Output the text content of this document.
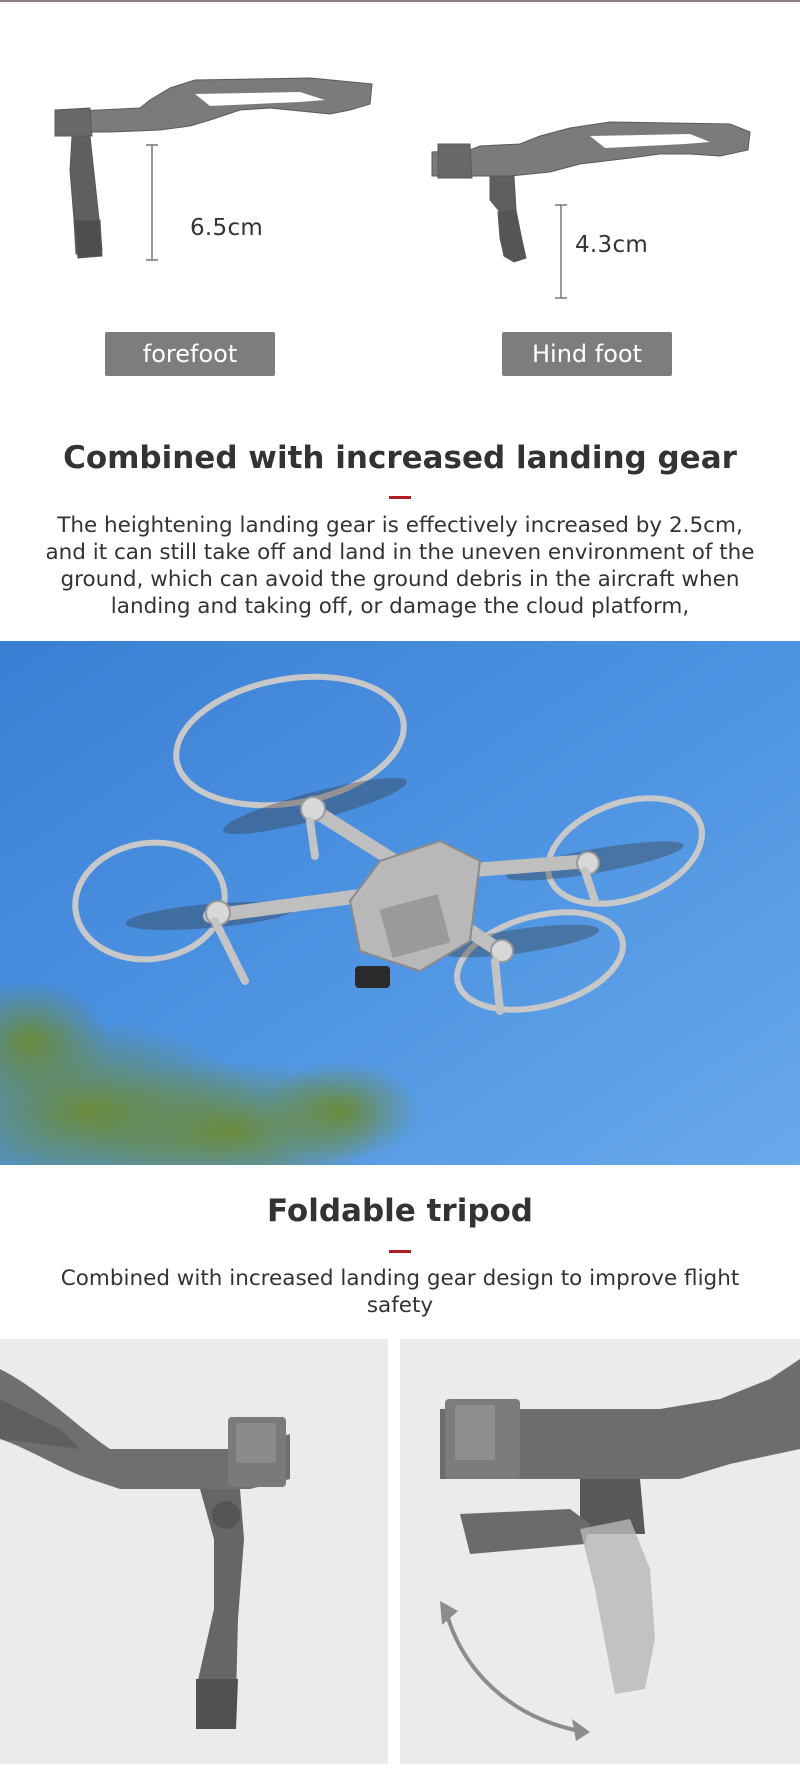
6.5cm
4.3cm
forefoot	Hind foot
Combined with increased landing gear
The heightening landing gear is effectively increased by 2.5cm, and it can still take off and land in the uneven environment of the ground, which can avoid the ground debris in the aircraft when landing and taking off, or damage the cloud platform,
Foldable tripod
Combined with increased landing gear design to improve flight safety
